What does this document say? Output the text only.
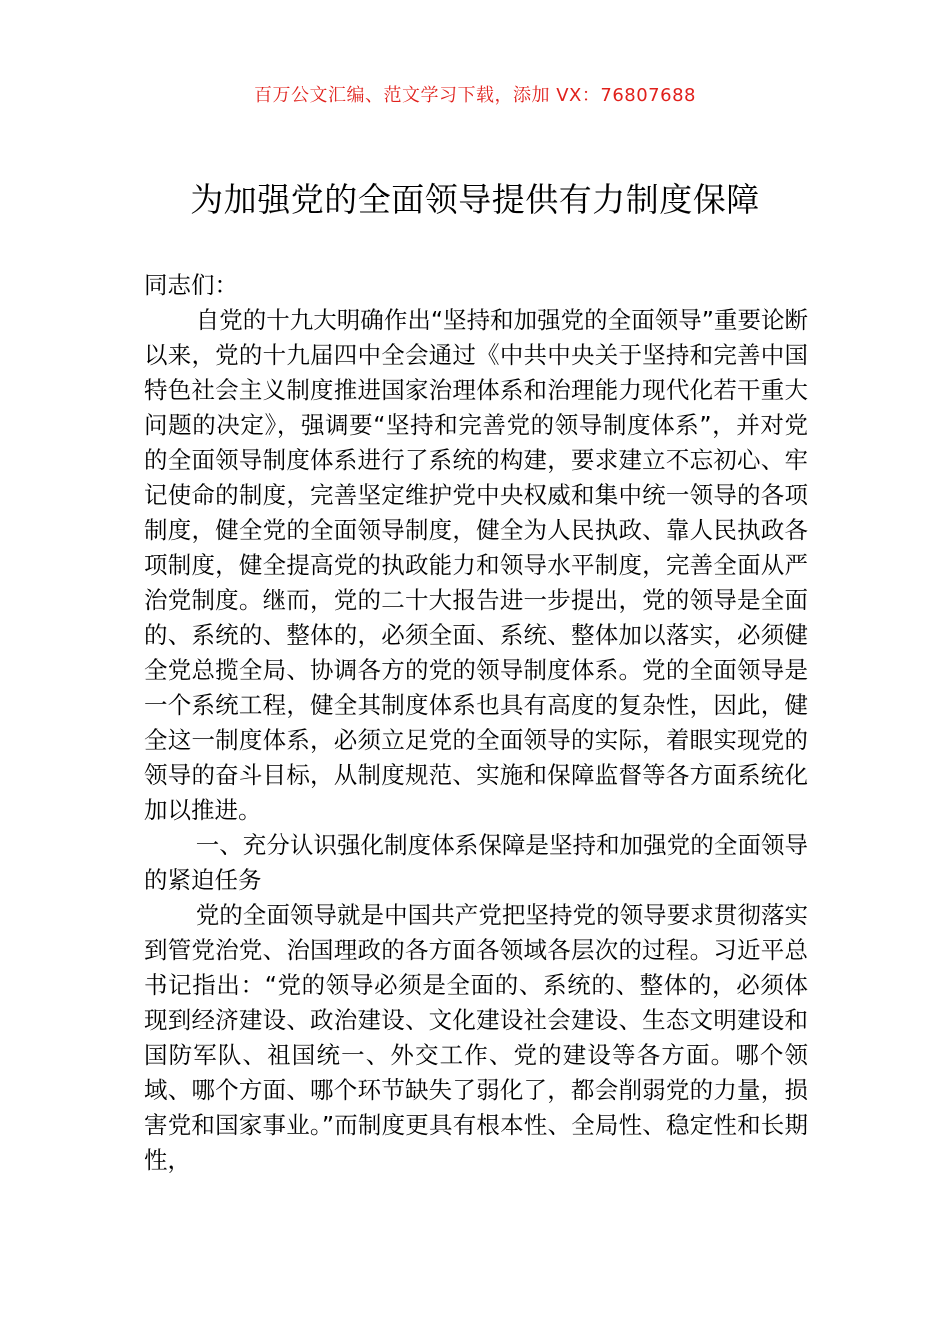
百万公文汇编、范文学习下载，添加 VX：76807688
为加强党的全面领导提供有力制度保障

同志们：

自党的十九大明确作出“坚持和加强党的全面领导”重要论断以来，党的十九届四中全会通过《中共中央关于坚持和完善中国特色社会主义制度推进国家治理体系和治理能力现代化若干重大问题的决定》，强调要“坚持和完善党的领导制度体系”，并对党的全面领导制度体系进行了系统的构建，要求建立不忘初心、牢记使命的制度，完善坚定维护党中央权威和集中统一领导的各项制度，健全党的全面领导制度，健全为人民执政、靠人民执政各项制度，健全提高党的执政能力和领导水平制度，完善全面从严治党制度。继而，党的二十大报告进一步提出，党的领导是全面的、系统的、整体的，必须全面、系统、整体加以落实，必须健全党总揽全局、协调各方的党的领导制度体系。党的全面领导是一个系统工程，健全其制度体系也具有高度的复杂性，因此，健全这一制度体系，必须立足党的全面领导的实际，着眼实现党的领导的奋斗目标，从制度规范、实施和保障监督等各方面系统化加以推进。

一、充分认识强化制度体系保障是坚持和加强党的全面领导的紧迫任务

党的全面领导就是中国共产党把坚持党的领导要求贯彻落实到管党治党、治国理政的各方面各领域各层次的过程。习近平总书记指出：“党的领导必须是全面的、系统的、整体的，必须体现到经济建设、政治建设、文化建设社会建设、生态文明建设和国防军队、祖国统一、外交工作、党的建设等各方面。哪个领域、哪个方面、哪个环节缺失了弱化了，都会削弱党的力量，损害党和国家事业。”而制度更具有根本性、全局性、稳定性和长期性，
